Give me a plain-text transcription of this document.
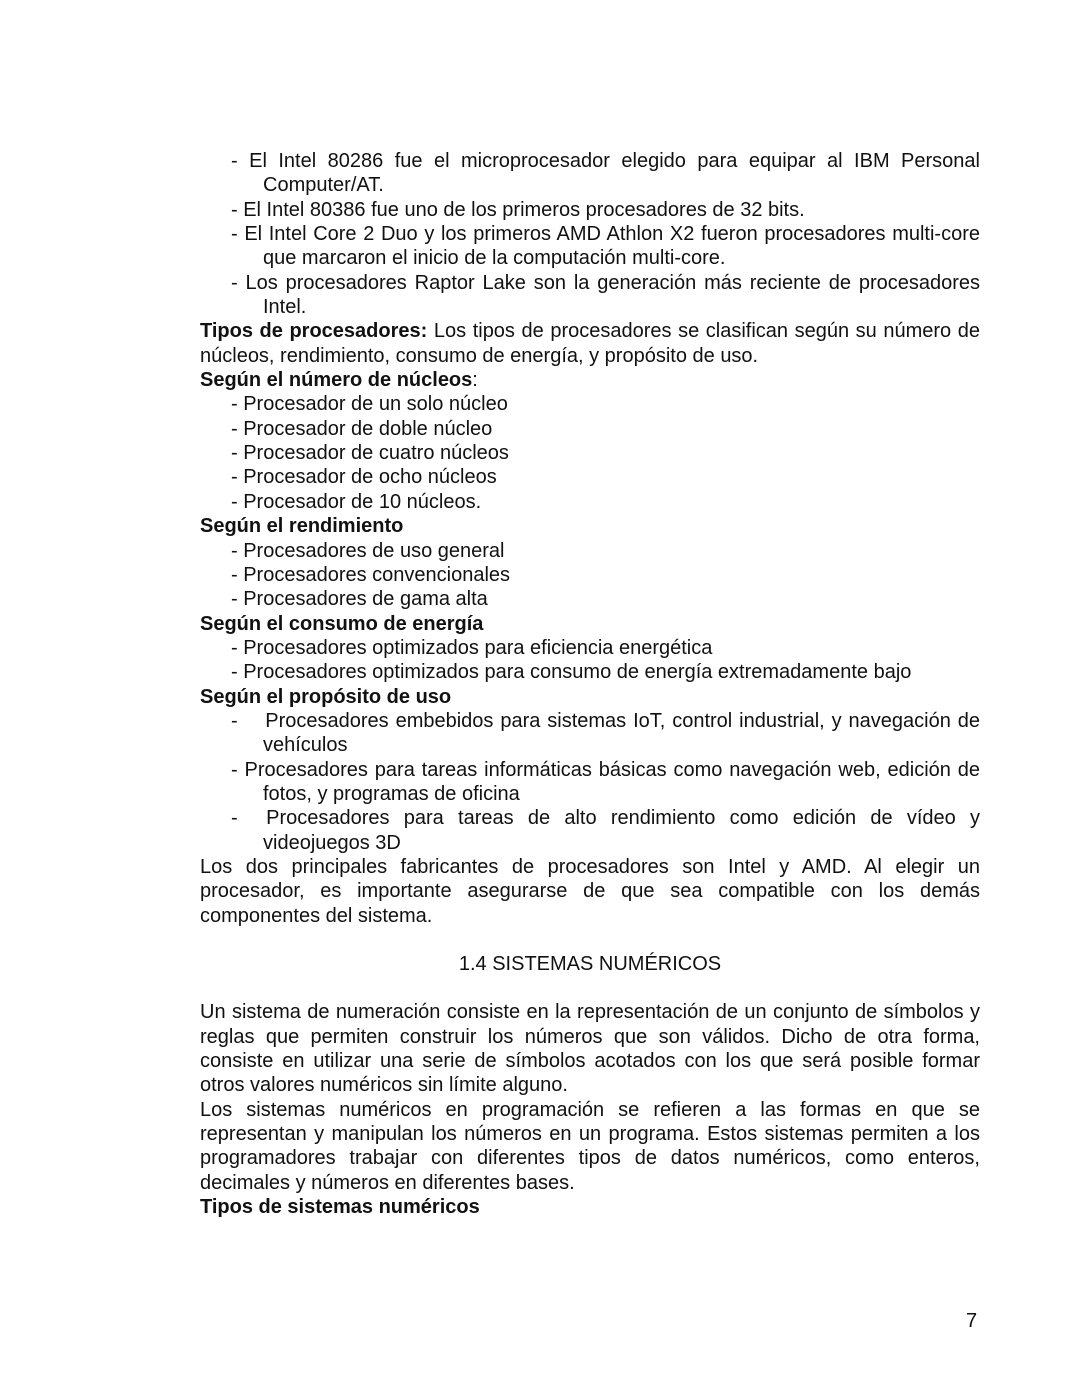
- El Intel 80286 fue el microprocesador elegido para equipar al IBM Personal Computer/AT.

- El Intel 80386 fue uno de los primeros procesadores de 32 bits.

- El Intel Core 2 Duo y los primeros AMD Athlon X2 fueron procesadores multi-core que marcaron el inicio de la computación multi-core.

- Los procesadores Raptor Lake son la generación más reciente de procesadores Intel.

Tipos de procesadores: Los tipos de procesadores se clasifican según su número de núcleos, rendimiento, consumo de energía, y propósito de uso.

Según el número de núcleos:

- Procesador de un solo núcleo

- Procesador de doble núcleo

- Procesador de cuatro núcleos

- Procesador de ocho núcleos

- Procesador de 10 núcleos.

Según el rendimiento

- Procesadores de uso general

- Procesadores convencionales

- Procesadores de gama alta

Según el consumo de energía

- Procesadores optimizados para eficiencia energética

- Procesadores optimizados para consumo de energía extremadamente bajo

Según el propósito de uso

-    Procesadores embebidos para sistemas IoT, control industrial, y navegación de vehículos

- Procesadores para tareas informáticas básicas como navegación web, edición de fotos, y programas de oficina

-  Procesadores para tareas de alto rendimiento como edición de vídeo y videojuegos 3D

Los dos principales fabricantes de procesadores son Intel y AMD. Al elegir un procesador, es importante asegurarse de que sea compatible con los demás componentes del sistema.

1.4 SISTEMAS NUMÉRICOS

Un sistema de numeración consiste en la representación de un conjunto de símbolos y reglas que permiten construir los números que son válidos. Dicho de otra forma, consiste en utilizar una serie de símbolos acotados con los que será posible formar otros valores numéricos sin límite alguno.

Los sistemas numéricos en programación se refieren a las formas en que se representan y manipulan los números en un programa. Estos sistemas permiten a los programadores trabajar con diferentes tipos de datos numéricos, como enteros, decimales y números en diferentes bases.

Tipos de sistemas numéricos

7
